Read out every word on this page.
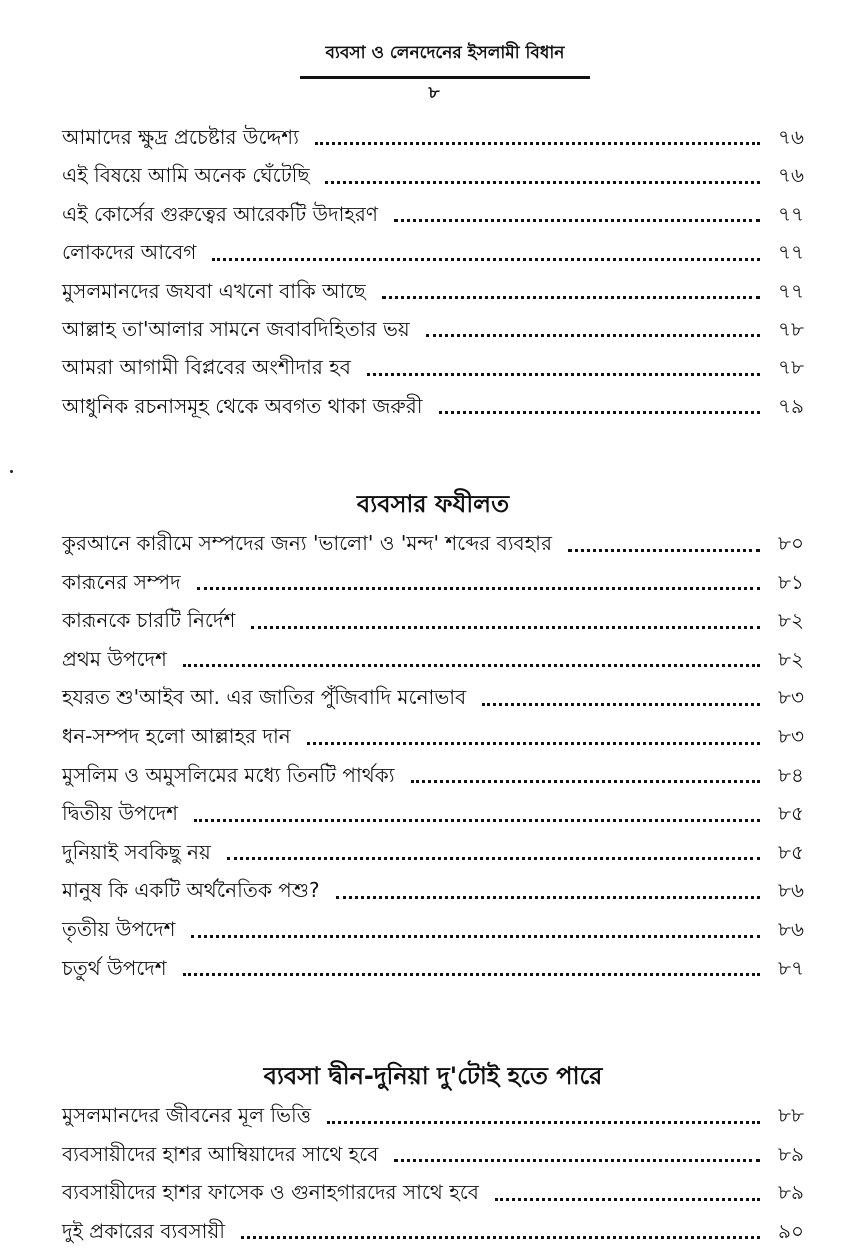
ব্যবসা ও লেনদেনের ইসলামী বিধান
৮
আমাদের ক্ষুদ্র প্রচেষ্টার উদ্দেশ্য	৭৬
এই বিষয়ে আমি অনেক ঘেঁটেছি	৭৬
এই কোর্সের গুরুত্বের আরেকটি উদাহরণ	৭৭
লোকদের আবেগ	৭৭
মুসলমানদের জযবা এখনো বাকি আছে	৭৭
আল্লাহ তা'আলার সামনে জবাবদিহিতার ভয়	৭৮
আমরা আগামী বিপ্লবের অংশীদার হব	৭৮
আধুনিক রচনাসমূহ থেকে অবগত থাকা জরুরী	৭৯
ব্যবসার ফযীলত
কুরআনে কারীমে সম্পদের জন্য 'ভালো' ও 'মন্দ' শব্দের ব্যবহার	৮০
কারূনের সম্পদ	৮১
কারূনকে চারটি নির্দেশ	৮২
প্রথম উপদেশ	৮২
হযরত শু'আইব আ. এর জাতির পুঁজিবাদি মনোভাব	৮৩
ধন-সম্পদ হলো আল্লাহর দান	৮৩
মুসলিম ও অমুসলিমের মধ্যে তিনটি পার্থক্য	৮৪
দ্বিতীয় উপদেশ	৮৫
দুনিয়াই সবকিছু নয়	৮৫
মানুষ কি একটি অর্থনৈতিক পশু?	৮৬
তৃতীয় উপদেশ	৮৬
চতুর্থ উপদেশ	৮৭
ব্যবসা দ্বীন-দুনিয়া দু'টোই হতে পারে
মুসলমানদের জীবনের মূল ভিত্তি	৮৮
ব্যবসায়ীদের হাশর আম্বিয়াদের সাথে হবে	৮৯
ব্যবসায়ীদের হাশর ফাসেক ও গুনাহগারদের সাথে হবে	৮৯
দুই প্রকারের ব্যবসায়ী	৯০
